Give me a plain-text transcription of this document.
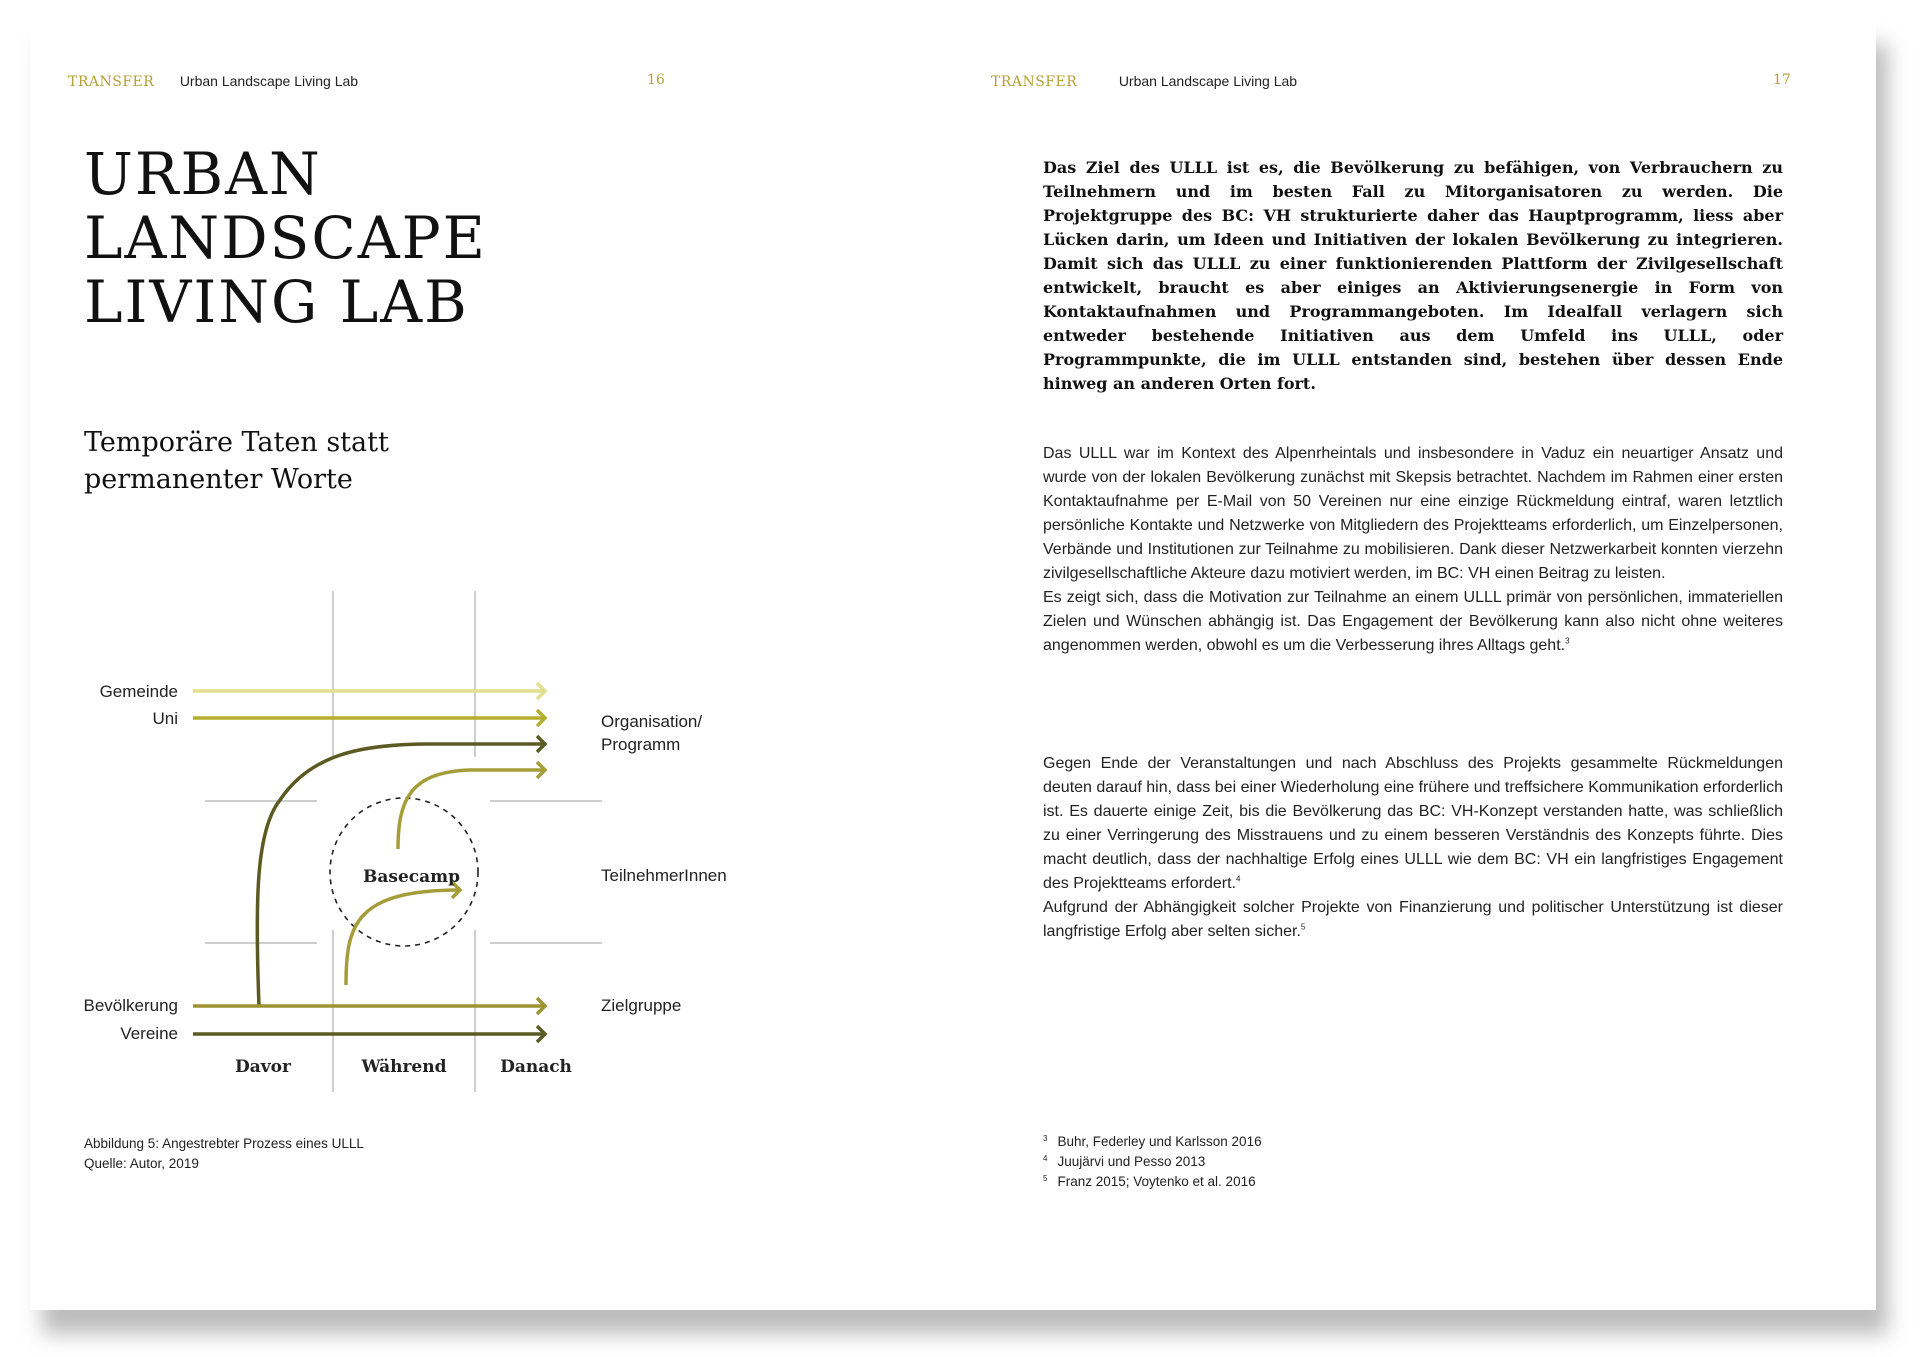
TRANSFER Urban Landscape Living Lab	16
URBAN
LANDSCAPE
LIVING LAB
Temporäre Taten statt
permanenter Worte
Gemeinde
Uni
Bevölkerung
Vereine
Organisation/
Programm
TeilnehmerInnen
Zielgruppe
Basecamp
Davor	Während	Danach
Abbildung 5: Angestrebter Prozess eines ULLL
Quelle: Autor, 2019
TRANSFER	Urban Landscape Living Lab	17

Das Ziel des ULLL ist es, die Bevölkerung zu befähigen, von Verbrauchern zu Teilnehmern und im besten Fall zu Mitorganisatoren zu werden. Die Projektgruppe des BC: VH strukturierte daher das Hauptprogramm, liess aber Lücken darin, um Ideen und Initiativen der lokalen Bevölkerung zu integrieren. Damit sich das ULLL zu einer funktionierenden Plattform der Zivilgesellschaft entwickelt, braucht es aber einiges an Aktivierungsenergie in Form von Kontaktaufnahmen und Programmangeboten. Im Idealfall verlagern sich entweder bestehende Initiativen aus dem Umfeld ins ULLL, oder Programmpunkte, die im ULLL entstanden sind, bestehen über dessen Ende hinweg an anderen Orten fort.

Das ULLL war im Kontext des Alpenrheintals und insbesondere in Vaduz ein neuartiger Ansatz und wurde von der lokalen Bevölkerung zunächst mit Skepsis betrachtet. Nachdem im Rahmen einer ersten Kontaktaufnahme per E-Mail von 50 Vereinen nur eine einzige Rückmeldung eintraf, waren letztlich persönliche Kontakte und Netzwerke von Mitgliedern des Projektteams erforderlich, um Einzelpersonen, Verbände und Institutionen zur Teilnahme zu mobilisieren. Dank dieser Netzwerkarbeit konnten vierzehn zivilgesellschaftliche Akteure dazu motiviert werden, im BC: VH einen Beitrag zu leisten.
Es zeigt sich, dass die Motivation zur Teilnahme an einem ULLL primär von persönlichen, immateriellen Zielen und Wünschen abhängig ist. Das Engagement der Bevölkerung kann also nicht ohne weiteres angenommen werden, obwohl es um die Verbesserung ihres Alltags geht.$^3$

Gegen Ende der Veranstaltungen und nach Abschluss des Projekts gesammelte Rückmeldungen deuten darauf hin, dass bei einer Wiederholung eine frühere und treffsichere Kommunikation erforderlich ist. Es dauerte einige Zeit, bis die Bevölkerung das BC: VH-Konzept verstanden hatte, was schließlich zu einer Verringerung des Misstrauens und zu einem besseren Verständnis des Konzepts führte. Dies macht deutlich, dass der nachhaltige Erfolg eines ULLL wie dem BC: VH ein langfristiges Engagement des Projektteams erfordert.$^4$
Aufgrund der Abhängigkeit solcher Projekte von Finanzierung und politischer Unterstützung ist dieser langfristige Erfolg aber selten sicher.$^5$

$^3$ Buhr, Federley und Karlsson 2016
$^4$ Juujärvi und Pesso 2013
$^5$ Franz 2015; Voytenko et al. 2016
